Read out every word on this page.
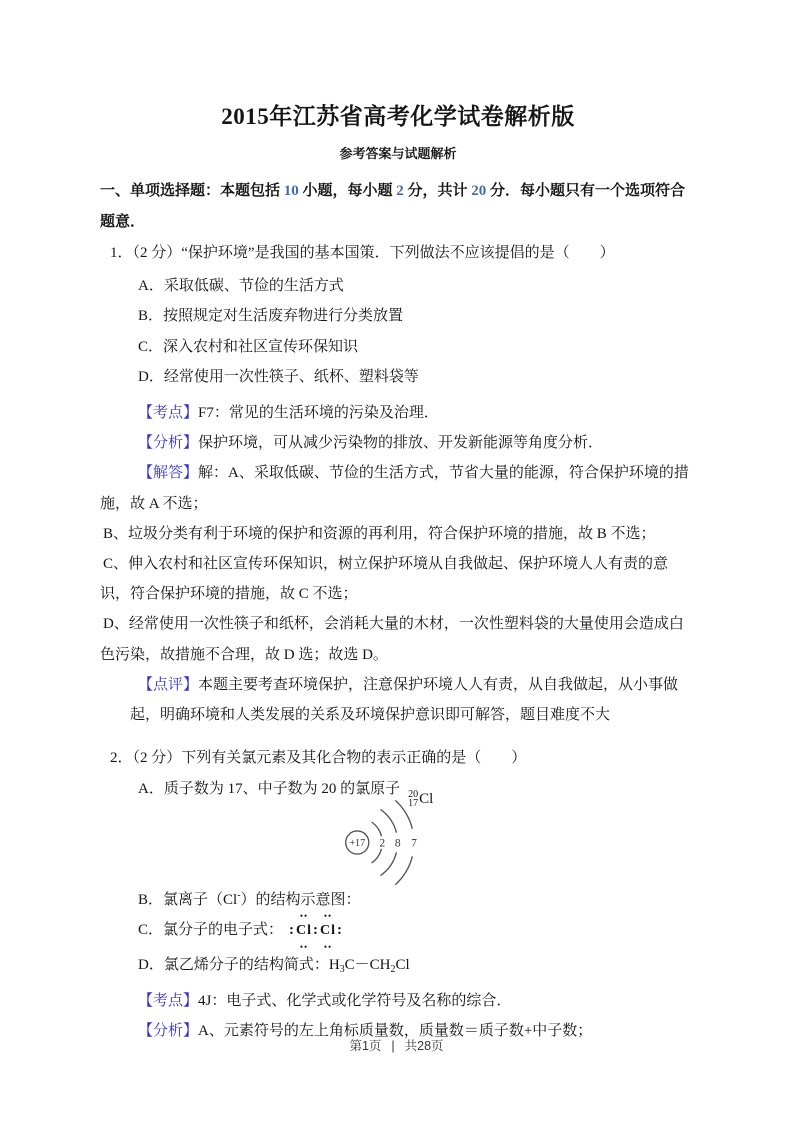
2015年江苏省高考化学试卷解析版
参考答案与试题解析

一、单项选择题：本题包括 10 小题，每小题 2 分，共计 20 分．每小题只有一个选项符合题意．

1．（2 分）“保护环境”是我国的基本国策．下列做法不应该提倡的是（　　）
A．采取低碳、节俭的生活方式
B．按照规定对生活废弃物进行分类放置
C．深入农村和社区宣传环保知识
D．经常使用一次性筷子、纸杯、塑料袋等

【考点】F7：常见的生活环境的污染及治理．

【分析】保护环境，可从减少污染物的排放、开发新能源等角度分析．

【解答】解：A、采取低碳、节俭的生活方式，节省大量的能源，符合保护环境的措施，故 A 不选；

B、垃圾分类有利于环境的保护和资源的再利用，符合保护环境的措施，故 B 不选；

C、伸入农村和社区宣传环保知识，树立保护环境从自我做起、保护环境人人有责的意识，符合保护环境的措施，故 C 不选；

D、经常使用一次性筷子和纸杯，会消耗大量的木材，一次性塑料袋的大量使用会造成白色污染，故措施不合理，故 D 选；故选 D。

【点评】本题主要考查环境保护，注意保护环境人人有责，从自我做起，从小事做起，明确环境和人类发展的关系及环境保护意识即可解答，题目难度不大

2．（2 分）下列有关氯元素及其化合物的表示正确的是（　　）
A．质子数为 17、中子数为 20 的氯原子 20
17 Cl
+17 2 8 7
B．氯离子（Cl-）的结构示意图：
C．氯分子的电子式： :
••
Cl
••
:
••
Cl
••
:
D．氯乙烯分子的结构简式：$H_3C-CH_2Cl$

【考点】4J：电子式、化学式或化学符号及名称的综合．

【分析】A、元素符号的左上角标质量数，质量数＝质子数+中子数；

第1页 | 共28页
